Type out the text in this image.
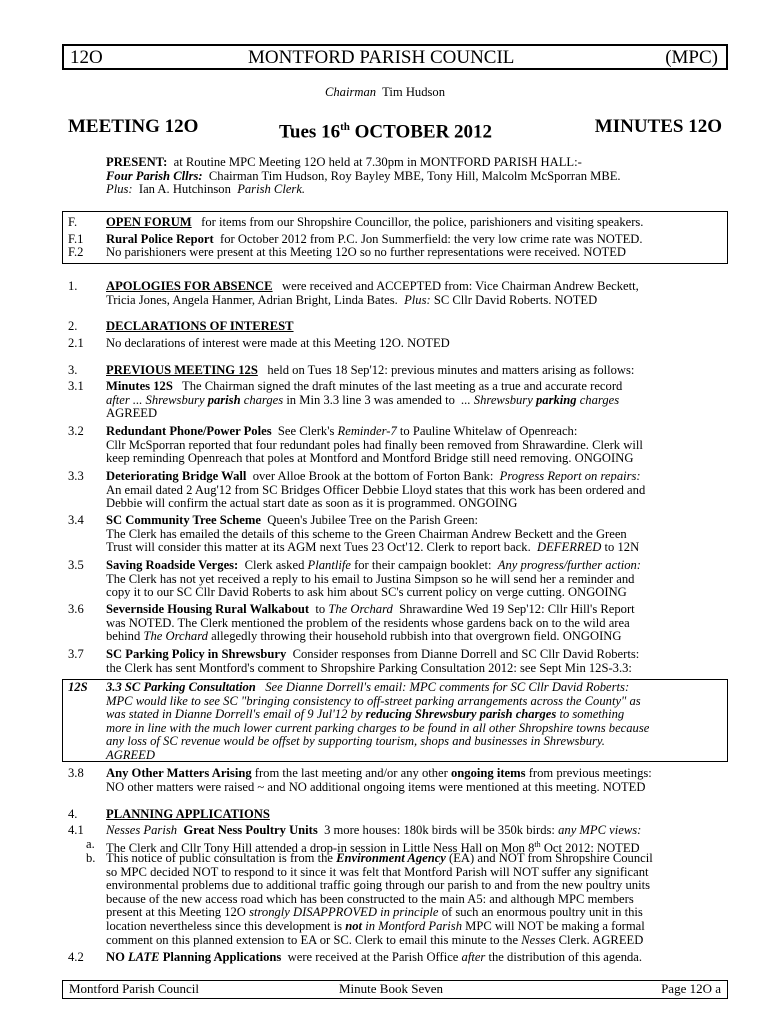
12O	MONTFORD PARISH COUNCIL	(MPC)
Chairman Tim Hudson
MEETING 12O	Tues 16th OCTOBER 2012	MINUTES 12O
PRESENT: at Routine MPC Meeting 12O held at 7.30pm in MONTFORD PARISH HALL:-
Four Parish Cllrs: Chairman Tim Hudson, Roy Bayley MBE, Tony Hill, Malcolm McSporran MBE.
Plus: Ian A. Hutchinson Parish Clerk.
F.	OPEN FORUM for items from our Shropshire Councillor, the police, parishioners and visiting speakers.
F.1	Rural Police Report for October 2012 from P.C. Jon Summerfield: the very low crime rate was NOTED.
F.2	No parishioners were present at this Meeting 12O so no further representations were received. NOTED
1.	APOLOGIES FOR ABSENCE were received and ACCEPTED from: Vice Chairman Andrew Beckett,
Tricia Jones, Angela Hanmer, Adrian Bright, Linda Bates. Plus: SC Cllr David Roberts. NOTED
2.	DECLARATIONS OF INTEREST
2.1	No declarations of interest were made at this Meeting 12O. NOTED
3.	PREVIOUS MEETING 12S held on Tues 18 Sep'12: previous minutes and matters arising as follows:
3.1	Minutes 12S The Chairman signed the draft minutes of the last meeting as a true and accurate record
after ... Shrewsbury parish charges in Min 3.3 line 3 was amended to ... Shrewsbury parking charges
AGREED
3.2	Redundant Phone/Power Poles See Clerk's Reminder-7 to Pauline Whitelaw of Openreach:
Cllr McSporran reported that four redundant poles had finally been removed from Shrawardine. Clerk will
keep reminding Openreach that poles at Montford and Montford Bridge still need removing. ONGOING
3.3	Deteriorating Bridge Wall over Alloe Brook at the bottom of Forton Bank: Progress Report on repairs:
An email dated 2 Aug'12 from SC Bridges Officer Debbie Lloyd states that this work has been ordered and
Debbie will confirm the actual start date as soon as it is programmed. ONGOING
3.4	SC Community Tree Scheme Queen's Jubilee Tree on the Parish Green:
The Clerk has emailed the details of this scheme to the Green Chairman Andrew Beckett and the Green
Trust will consider this matter at its AGM next Tues 23 Oct'12. Clerk to report back. DEFERRED to 12N
3.5	Saving Roadside Verges: Clerk asked Plantlife for their campaign booklet: Any progress/further action:
The Clerk has not yet received a reply to his email to Justina Simpson so he will send her a reminder and
copy it to our SC Cllr David Roberts to ask him about SC's current policy on verge cutting. ONGOING
3.6	Severnside Housing Rural Walkabout to The Orchard Shrawardine Wed 19 Sep'12: Cllr Hill's Report
was NOTED. The Clerk mentioned the problem of the residents whose gardens back on to the wild area
behind The Orchard allegedly throwing their household rubbish into that overgrown field. ONGOING
3.7	SC Parking Policy in Shrewsbury Consider responses from Dianne Dorrell and SC Cllr David Roberts:
the Clerk has sent Montford's comment to Shropshire Parking Consultation 2012: see Sept Min 12S-3.3:
12S	3.3 SC Parking Consultation See Dianne Dorrell's email: MPC comments for SC Cllr David Roberts:
MPC would like to see SC "bringing consistency to off-street parking arrangements across the County" as
was stated in Dianne Dorrell's email of 9 Jul'12 by reducing Shrewsbury parish charges to something
more in line with the much lower current parking charges to be found in all other Shropshire towns because
any loss of SC revenue would be offset by supporting tourism, shops and businesses in Shrewsbury.
AGREED
3.8	Any Other Matters Arising from the last meeting and/or any other ongoing items from previous meetings:
NO other matters were raised ~ and NO additional ongoing items were mentioned at this meeting. NOTED
4.	PLANNING APPLICATIONS
4.1	Nesses Parish Great Ness Poultry Units 3 more houses: 180k birds will be 350k birds: any MPC views:
a. The Clerk and Cllr Tony Hill attended a drop-in session in Little Ness Hall on Mon 8th Oct 2012: NOTED
b. This notice of public consultation is from the Environment Agency (EA) and NOT from Shropshire Council
so MPC decided NOT to respond to it since it was felt that Montford Parish will NOT suffer any significant
environmental problems due to additional traffic going through our parish to and from the new poultry units
because of the new access road which has been constructed to the main A5: and although MPC members
present at this Meeting 12O strongly DISAPPROVED in principle of such an enormous poultry unit in this
location nevertheless since this development is not in Montford Parish MPC will NOT be making a formal
comment on this planned extension to EA or SC. Clerk to email this minute to the Nesses Clerk. AGREED
4.2	NO LATE Planning Applications were received at the Parish Office after the distribution of this agenda.
Montford Parish Council	Minute Book Seven	Page 12O a
